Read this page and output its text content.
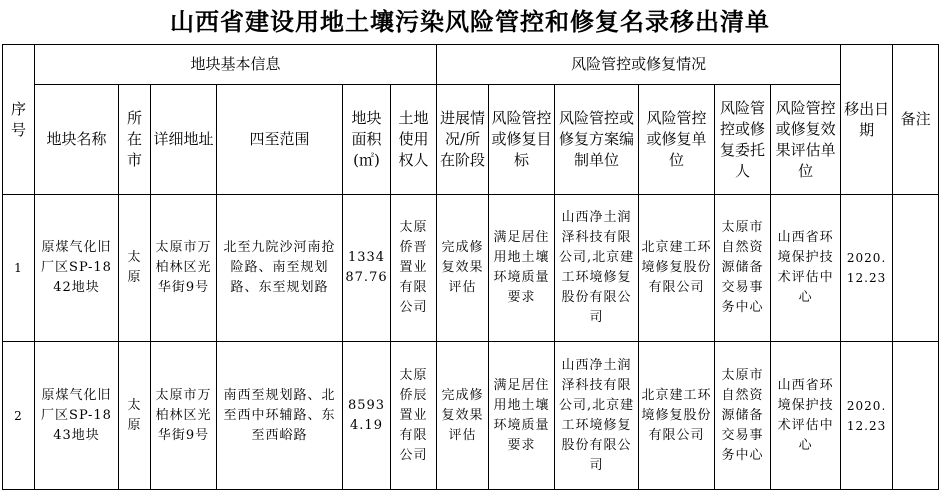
山西省建设用地土壤污染风险管控和修复名录移出清单
序号	地块基本信息						风险管控或修复情况						移出日期	备注
	地块名称	所在市	详细地址	四至范围	地块面积(㎡)	土地使用权人	进展情况/所在阶段	风险管控或修复目标	风险管控或修复方案编制单位	风险管控或修复单位	风险管控或修复委托人	风险管控或修复效果评估单位		
1	原煤气化旧厂区SP-1842地块	太原	太原市万柏林区光华街9号	北至九院沙河南抢险路、南至规划路、东至规划路	133487.76	太原侨晋置业有限公司	完成修复效果评估	满足居住用地土壤环境质量要求	山西净土润泽科技有限公司,北京建工环境修复股份有限公司	北京建工环境修复股份有限公司	太原市自然资源储备交易事务中心	山西省环境保护技术评估中心	2020.12.23	
2	原煤气化旧厂区SP-1843地块	太原	太原市万柏林区光华街9号	南西至规划路、北至西中环辅路、东至西峪路	85934.19	太原侨辰置业有限公司	完成修复效果评估	满足居住用地土壤环境质量要求	山西净土润泽科技有限公司,北京建工环境修复股份有限公司	北京建工环境修复股份有限公司	太原市自然资源储备交易事务中心	山西省环境保护技术评估中心	2020.12.23	
